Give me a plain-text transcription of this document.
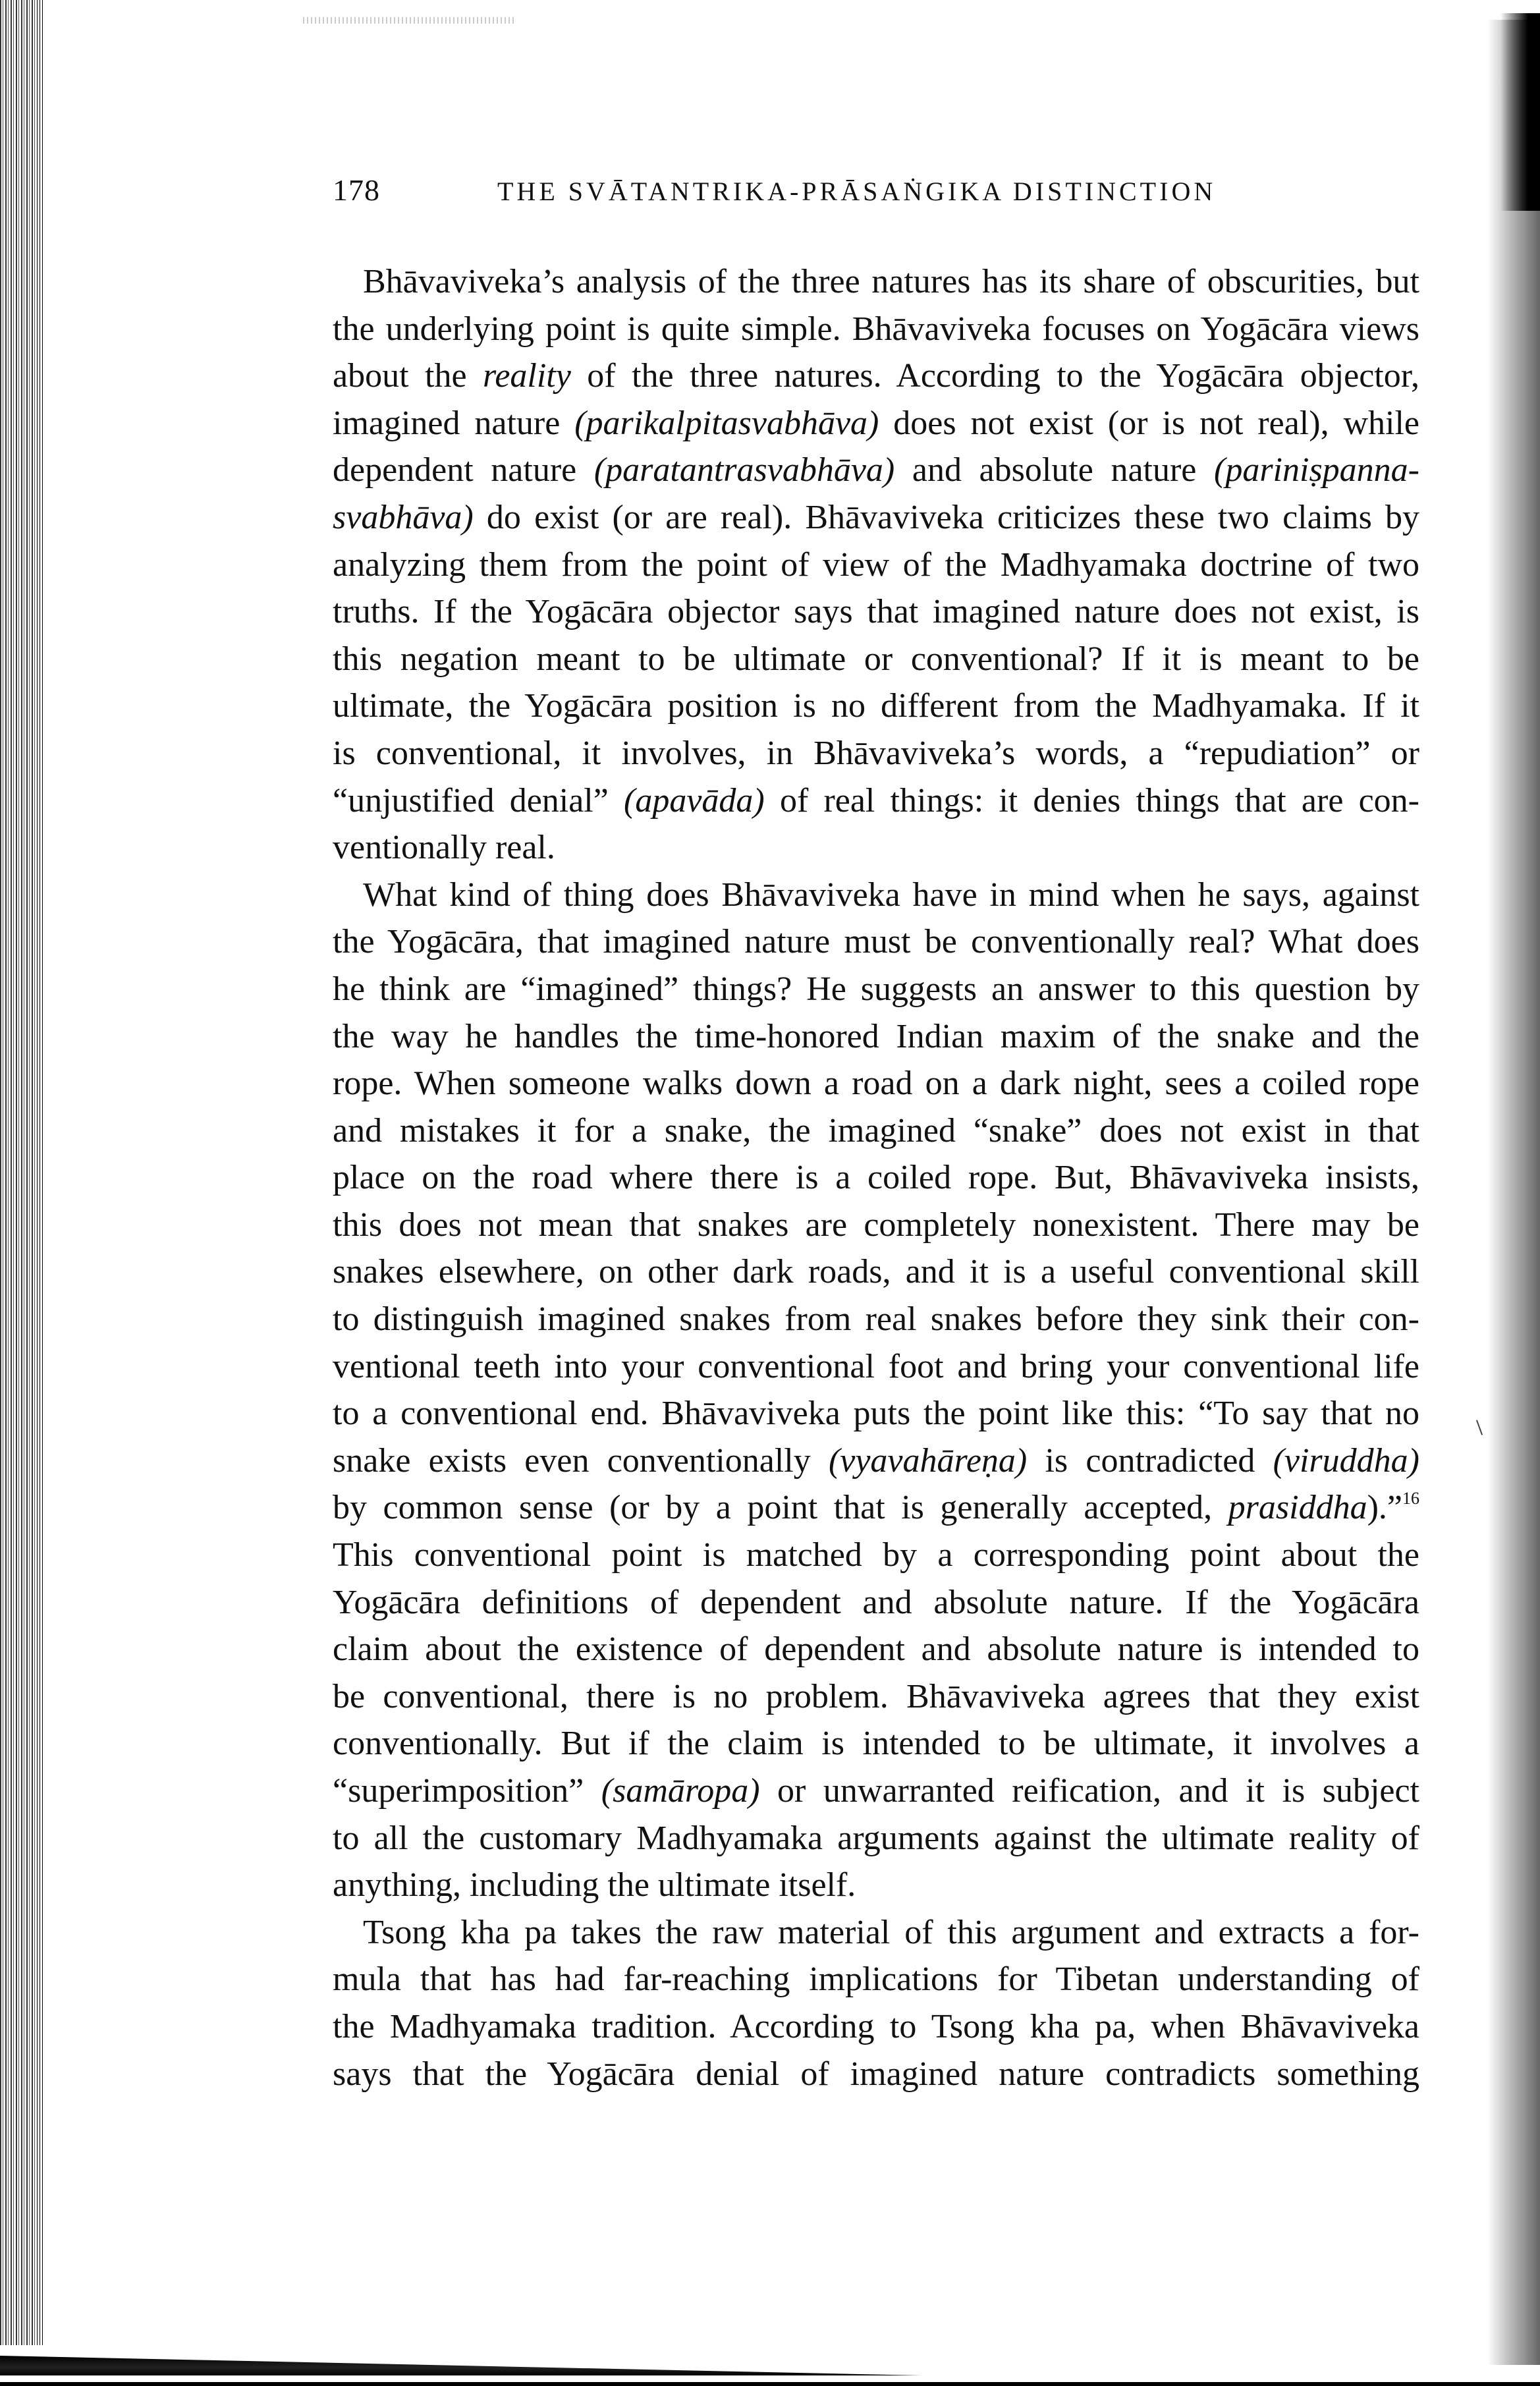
178	THE SVĀTANTRIKA-PRĀSAṄGIKA DISTINCTION
Bhāvaviveka’s analysis of the three natures has its share of obscurities, but
the underlying point is quite simple. Bhāvaviveka focuses on Yogācāra views
about the reality of the three natures. According to the Yogācāra objector,
imagined nature (parikalpitasvabhāva) does not exist (or is not real), while
dependent nature (paratantrasvabhāva) and absolute nature (pariniṣpanna-
svabhāva) do exist (or are real). Bhāvaviveka criticizes these two claims by
analyzing them from the point of view of the Madhyamaka doctrine of two
truths. If the Yogācāra objector says that imagined nature does not exist, is
this negation meant to be ultimate or conventional? If it is meant to be
ultimate, the Yogācāra position is no different from the Madhyamaka. If it
is conventional, it involves, in Bhāvaviveka’s words, a “repudiation” or
“unjustified denial” (apavāda) of real things: it denies things that are con-
ventionally real.
What kind of thing does Bhāvaviveka have in mind when he says, against
the Yogācāra, that imagined nature must be conventionally real? What does
he think are “imagined” things? He suggests an answer to this question by
the way he handles the time-honored Indian maxim of the snake and the
rope. When someone walks down a road on a dark night, sees a coiled rope
and mistakes it for a snake, the imagined “snake” does not exist in that
place on the road where there is a coiled rope. But, Bhāvaviveka insists,
this does not mean that snakes are completely nonexistent. There may be
snakes elsewhere, on other dark roads, and it is a useful conventional skill
to distinguish imagined snakes from real snakes before they sink their con-
ventional teeth into your conventional foot and bring your conventional life
to a conventional end. Bhāvaviveka puts the point like this: “To say that no
snake exists even conventionally (vyavahāreṇa) is contradicted (viruddha)
by common sense (or by a point that is generally accepted, prasiddha).”$^{16}$
This conventional point is matched by a corresponding point about the
Yogācāra definitions of dependent and absolute nature. If the Yogācāra
claim about the existence of dependent and absolute nature is intended to
be conventional, there is no problem. Bhāvaviveka agrees that they exist
conventionally. But if the claim is intended to be ultimate, it involves a
“superimposition” (samāropa) or unwarranted reification, and it is subject
to all the customary Madhyamaka arguments against the ultimate reality of
anything, including the ultimate itself.
Tsong kha pa takes the raw material of this argument and extracts a for-
mula that has had far-reaching implications for Tibetan understanding of
the Madhyamaka tradition. According to Tsong kha pa, when Bhāvaviveka
says that the Yogācāra denial of imagined nature contradicts something
